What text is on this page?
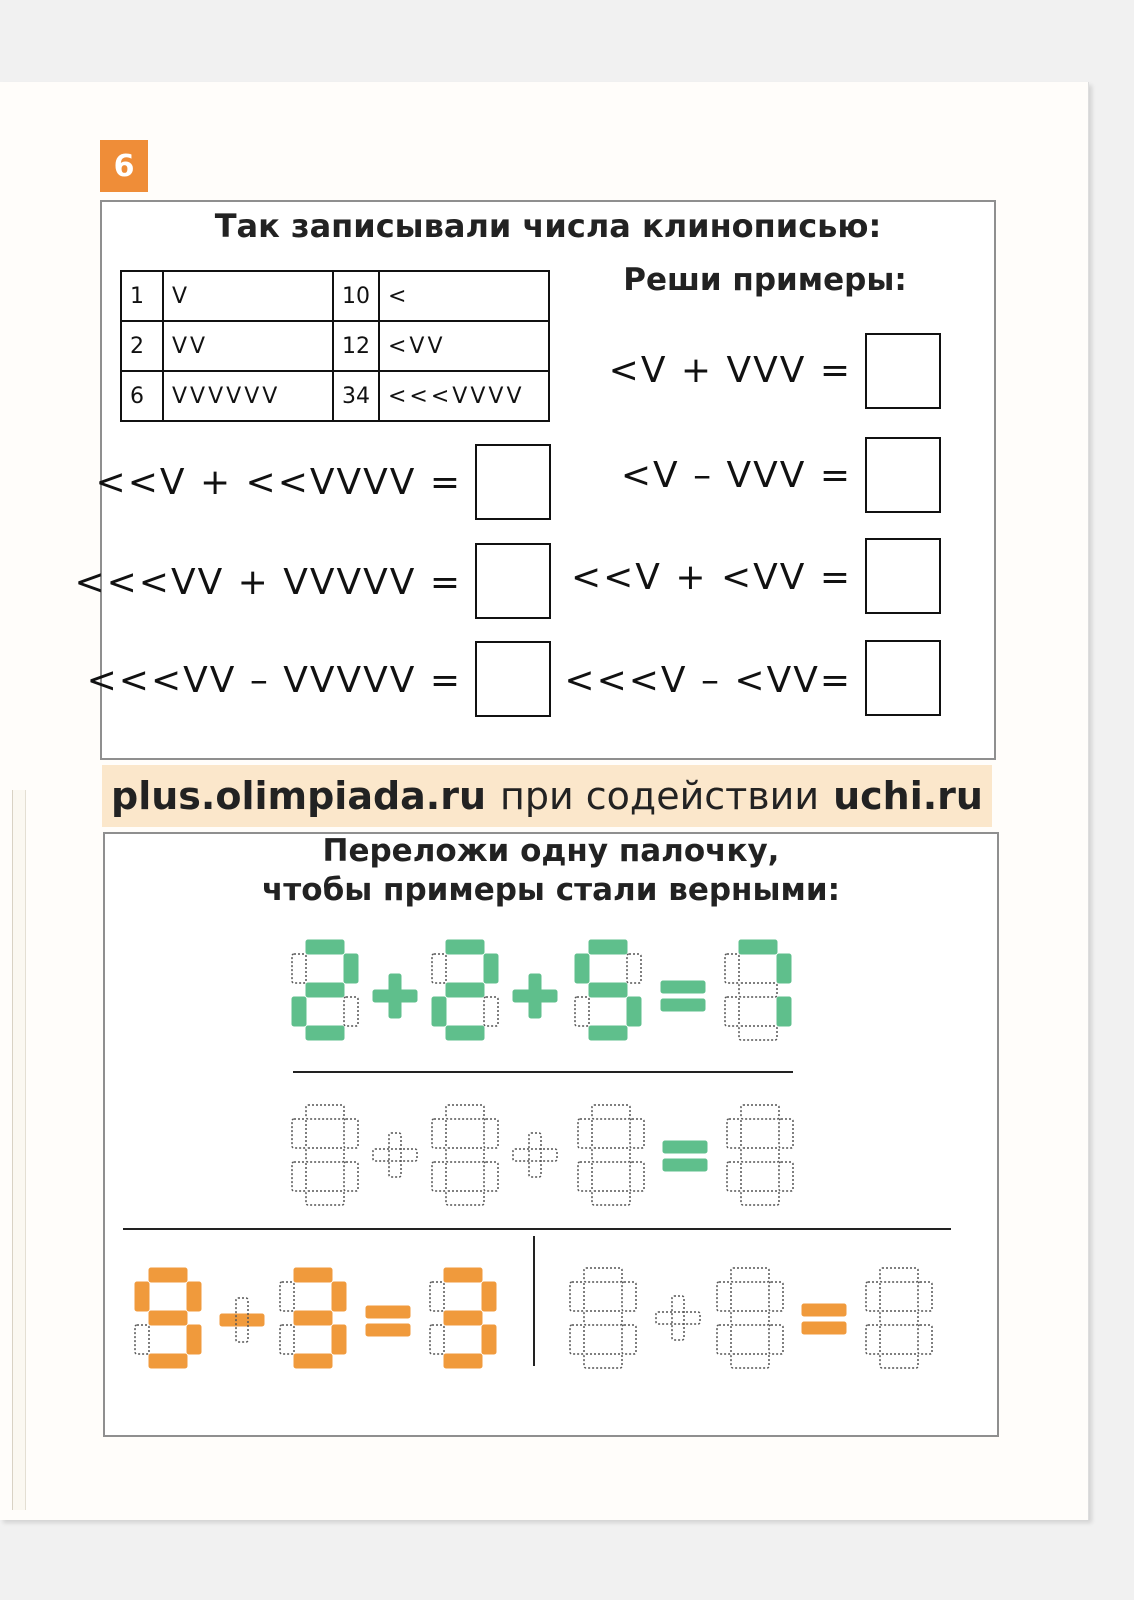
6
Так записывали числа клинописью:
1	V	10	<
2	VV	12	<VV
6	VVVVVV	34	<<<VVVV
Реши примеры:
<V + VVV =
<V – VVV =
<<V + <VV =
<<<V – <VV=
<<V + <<VVVV =
<<<VV + VVVVV =
<<<VV – VVVVV =
plus.olimpiada.ru при содействии uchi.ru
Переложи одну палочку,
чтобы примеры стали верными:
